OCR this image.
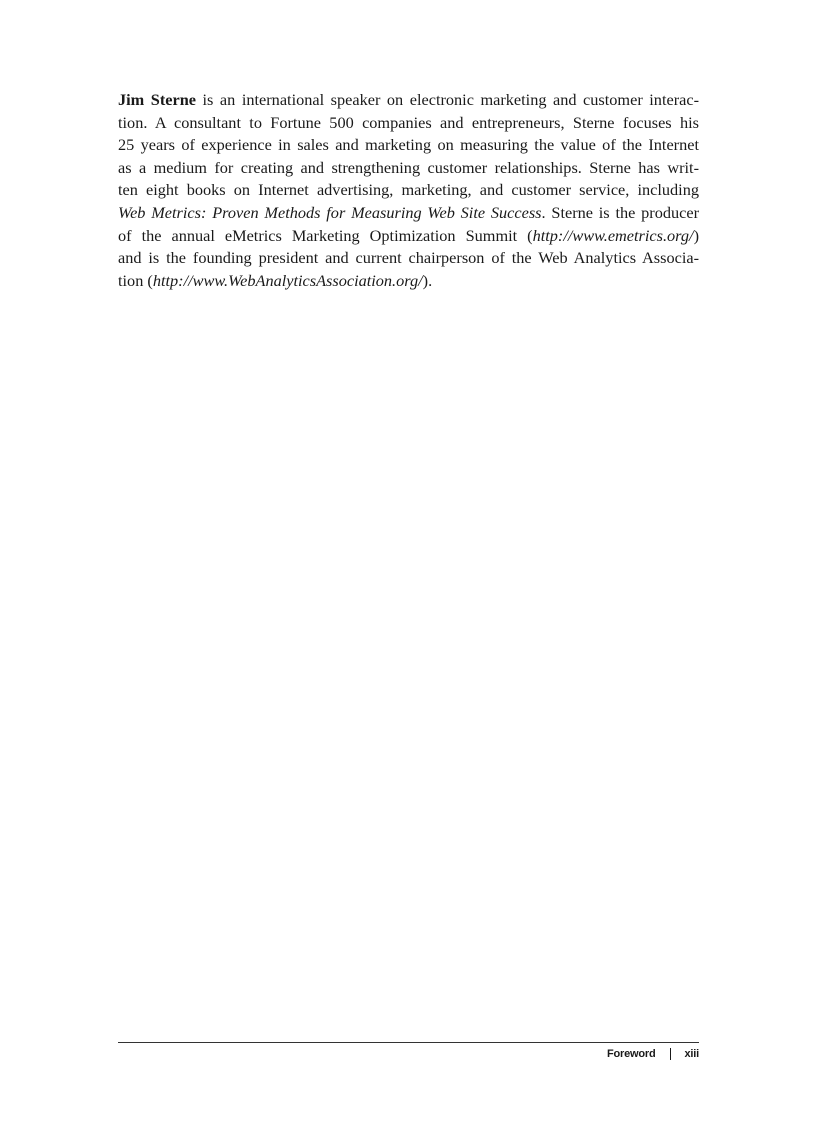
Jim Sterne is an international speaker on electronic marketing and customer interac-
tion. A consultant to Fortune 500 companies and entrepreneurs, Sterne focuses his
25 years of experience in sales and marketing on measuring the value of the Internet
as a medium for creating and strengthening customer relationships. Sterne has writ-
ten eight books on Internet advertising, marketing, and customer service, including
Web Metrics: Proven Methods for Measuring Web Site Success. Sterne is the producer
of the annual eMetrics Marketing Optimization Summit (http://www.emetrics.org/)
and is the founding president and current chairperson of the Web Analytics Associa-
tion (http://www.WebAnalyticsAssociation.org/).
Foreword	xiii
